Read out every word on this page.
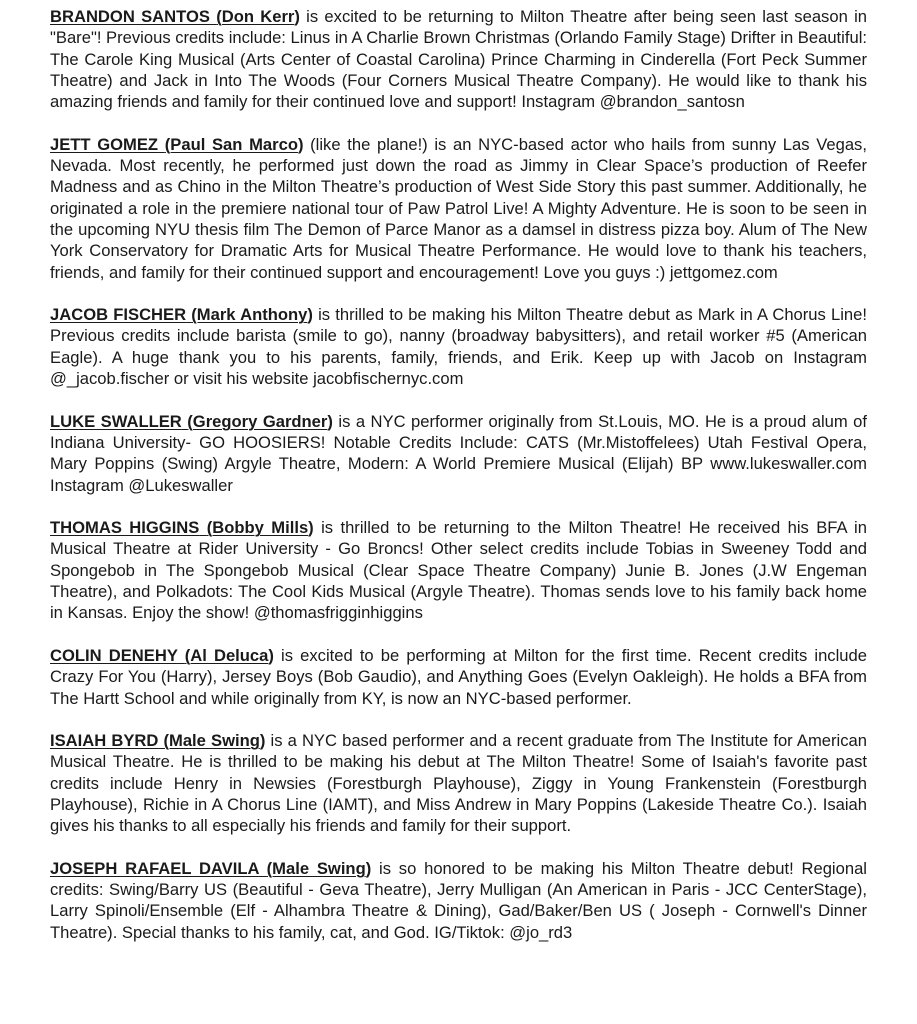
BRANDON SANTOS (Don Kerr) is excited to be returning to Milton Theatre after being seen last season in "Bare"! Previous credits include: Linus in A Charlie Brown Christmas (Orlando Family Stage) Drifter in Beautiful: The Carole King Musical (Arts Center of Coastal Carolina) Prince Charming in Cinderella (Fort Peck Summer Theatre) and Jack in Into The Woods (Four Corners Musical Theatre Company). He would like to thank his amazing friends and family for their continued love and support! Instagram @brandon_santosn

JETT GOMEZ (Paul San Marco) (like the plane!) is an NYC-based actor who hails from sunny Las Vegas, Nevada. Most recently, he performed just down the road as Jimmy in Clear Space’s production of Reefer Madness and as Chino in the Milton Theatre’s production of West Side Story this past summer. Additionally, he originated a role in the premiere national tour of Paw Patrol Live! A Mighty Adventure. He is soon to be seen in the upcoming NYU thesis film The Demon of Parce Manor as a damsel in distress pizza boy. Alum of The New York Conservatory for Dramatic Arts for Musical Theatre Performance. He would love to thank his teachers, friends, and family for their continued support and encouragement! Love you guys :) jettgomez.com

JACOB FISCHER (Mark Anthony) is thrilled to be making his Milton Theatre debut as Mark in A Chorus Line! Previous credits include barista (smile to go), nanny (broadway babysitters), and retail worker #5 (American Eagle). A huge thank you to his parents, family, friends, and Erik. Keep up with Jacob on Instagram @_jacob.fischer or visit his website jacobfischernyc.com

LUKE SWALLER (Gregory Gardner) is a NYC performer originally from St.Louis, MO. He is a proud alum of Indiana University- GO HOOSIERS! Notable Credits Include: CATS (Mr.Mistoffelees) Utah Festival Opera, Mary Poppins (Swing) Argyle Theatre, Modern: A World Premiere Musical (Elijah) BP www.lukeswaller.com Instagram @Lukeswaller

THOMAS HIGGINS (Bobby Mills) is thrilled to be returning to the Milton Theatre! He received his BFA in Musical Theatre at Rider University - Go Broncs! Other select credits include Tobias in Sweeney Todd and Spongebob in The Spongebob Musical (Clear Space Theatre Company) Junie B. Jones (J.W Engeman Theatre), and Polkadots: The Cool Kids Musical (Argyle Theatre). Thomas sends love to his family back home in Kansas. Enjoy the show! @thomasfrigginhiggins

COLIN DENEHY (Al Deluca) is excited to be performing at Milton for the first time. Recent credits include Crazy For You (Harry), Jersey Boys (Bob Gaudio), and Anything Goes (Evelyn Oakleigh). He holds a BFA from The Hartt School and while originally from KY, is now an NYC-based performer.

ISAIAH BYRD (Male Swing) is a NYC based performer and a recent graduate from The Institute for American Musical Theatre. He is thrilled to be making his debut at The Milton Theatre! Some of Isaiah's favorite past credits include Henry in Newsies (Forestburgh Playhouse), Ziggy in Young Frankenstein (Forestburgh Playhouse), Richie in A Chorus Line (IAMT), and Miss Andrew in Mary Poppins (Lakeside Theatre Co.). Isaiah gives his thanks to all especially his friends and family for their support.

JOSEPH RAFAEL DAVILA (Male Swing) is so honored to be making his Milton Theatre debut! Regional credits: Swing/Barry US (Beautiful - Geva Theatre), Jerry Mulligan (An American in Paris - JCC CenterStage), Larry Spinoli/Ensemble (Elf - Alhambra Theatre & Dining), Gad/Baker/Ben US ( Joseph - Cornwell's Dinner Theatre). Special thanks to his family, cat, and God. IG/Tiktok: @jo_rd3
